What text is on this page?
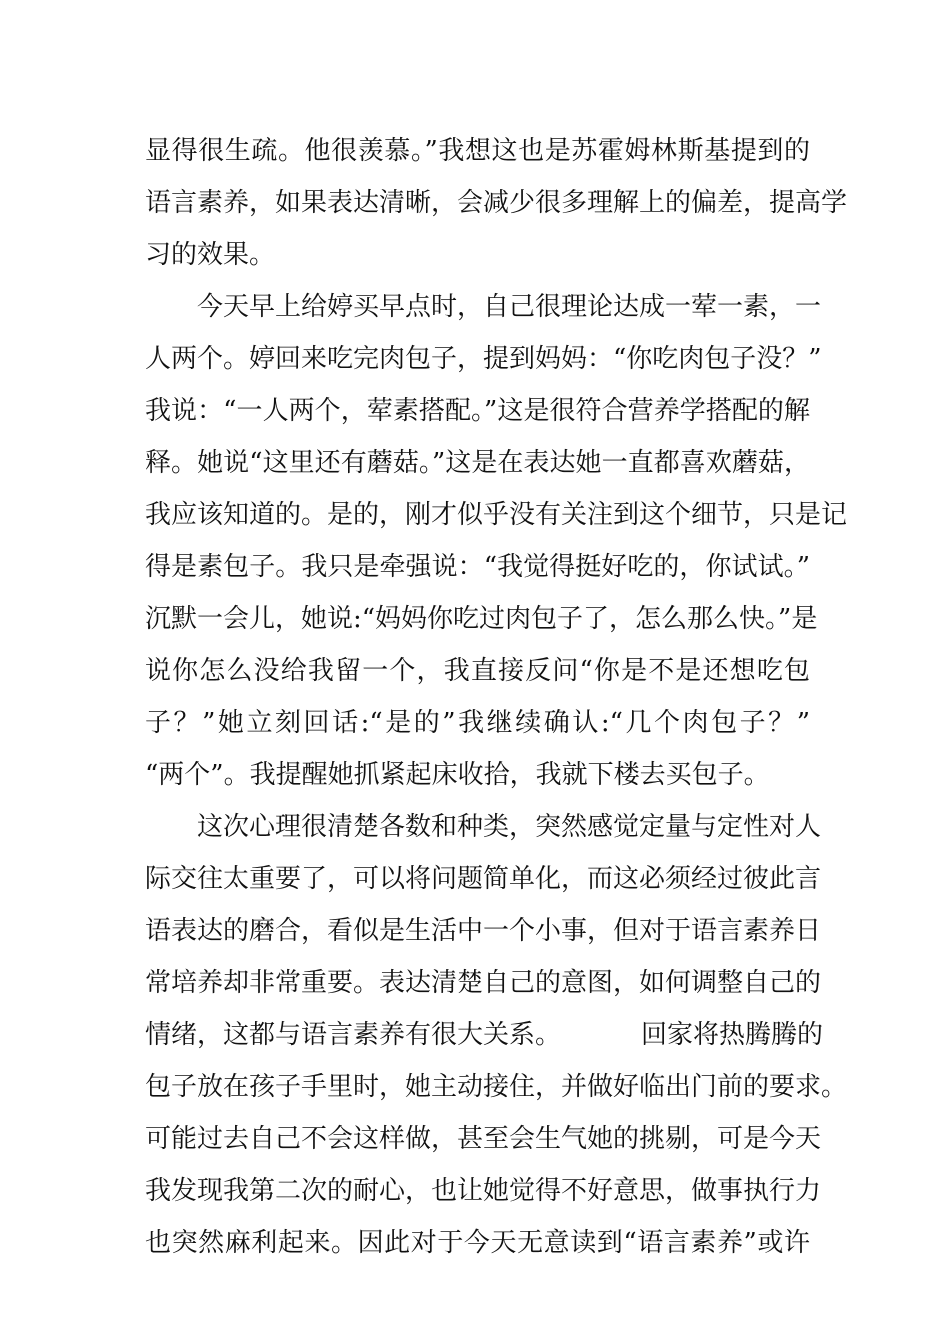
显得很生疏。他很羡慕。”我想这也是苏霍姆林斯基提到的
语言素养，如果表达清晰，会减少很多理解上的偏差，提高学
习的效果。
今天早上给婷买早点时，自己很理论达成一荤一素，一
人两个。婷回来吃完肉包子，提到妈妈：“你吃肉包子没？”
我说：“一人两个，荤素搭配。”这是很符合营养学搭配的解
释。她说“这里还有蘑菇。”这是在表达她一直都喜欢蘑菇，
我应该知道的。是的，刚才似乎没有关注到这个细节，只是记
得是素包子。我只是牵强说：“我觉得挺好吃的，你试试。”
沉默一会儿，她说:“妈妈你吃过肉包子了，怎么那么快。”是
说你怎么没给我留一个，我直接反问“你是不是还想吃包
子？”她立刻回话:“是的”我继续确认:“几个肉包子？”
“两个”。我提醒她抓紧起床收拾，我就下楼去买包子。
这次心理很清楚各数和种类，突然感觉定量与定性对人
际交往太重要了，可以将问题简单化，而这必须经过彼此言
语表达的磨合，看似是生活中一个小事，但对于语言素养日
常培养却非常重要。表达清楚自己的意图，如何调整自己的
情绪，这都与语言素养有很大关系。	回家将热腾腾的
包子放在孩子手里时，她主动接住，并做好临出门前的要求。
可能过去自己不会这样做，甚至会生气她的挑剔，可是今天
我发现我第二次的耐心，也让她觉得不好意思，做事执行力
也突然麻利起来。因此对于今天无意读到“语言素养”或许
